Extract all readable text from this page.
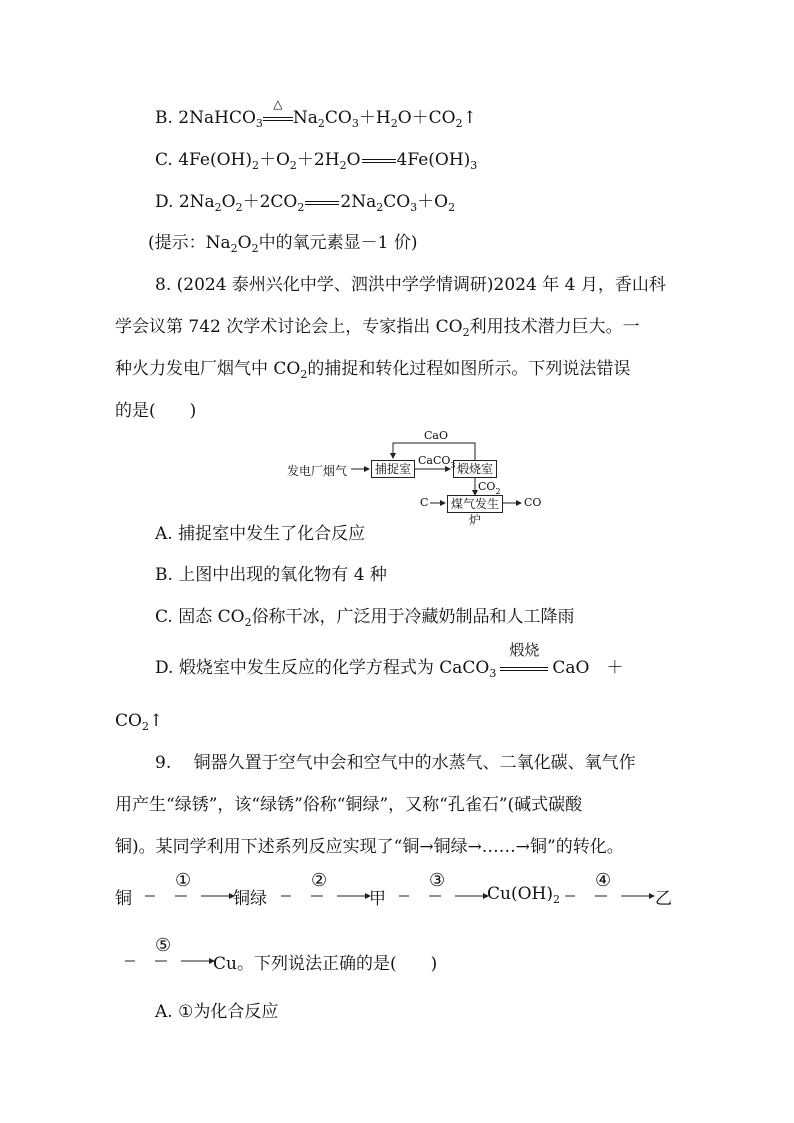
B. 2NaHCO$_3$
△
$Na_2CO_3+H_2O+CO_2↑$
C. $4Fe(OH)_2+O_2+2H_2O$ $4Fe(OH)_3$
D. $2Na_2O_2+2CO_2$ $2Na_2CO_3+O_2$
(提示：$Na_2O_2$中的氧元素显－1 价)
8. (2024 泰州兴化中学、泗洪中学学情调研)2024 年 4 月，香山科
学会议第 742 次学术讨论会上，专家指出 $CO_2$利用技术潜力巨大。一
种火力发电厂烟气中 $CO_2$的捕捉和转化过程如图所示。下列说法错误
的是(　　)
发电厂烟气	捕捉室	煅烧室
煤气发生炉
CaO
CaCO$_3$
$CO_2$
C	CO
A. 捕捉室中发生了化合反应
B. 上图中出现的氧化物有 4 种
C. 固态 $CO_2$俗称干冰，广泛用于冷藏奶制品和人工降雨
D. 煅烧室中发生反应的化学方程式为 CaCO$_3$
煅烧
CaO　＋
$CO_2↑$
9.　 铜器久置于空气中会和空气中的水蒸气、二氧化碳、氧气作
用产生“绿锈”，该“绿锈”俗称“铜绿”，又称“孔雀石”(碱式碳酸
铜)。某同学利用下述系列反应实现了“铜→铜绿→……→铜”的转化。
铜
①
铜绿
②
甲
③
$Cu(OH)_2$
④
乙
⑤
Cu。下列说法正确的是(　　)
A. ①为化合反应
